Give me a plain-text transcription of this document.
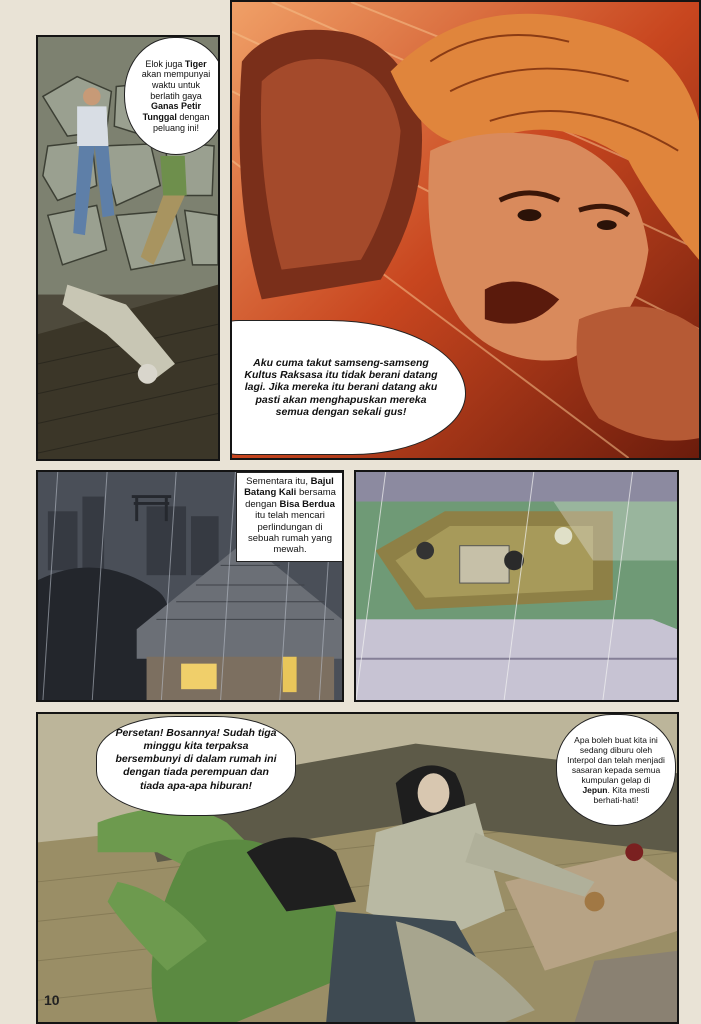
Elok juga Tiger akan mempunyai waktu untuk berlatih gaya Ganas Petir Tunggal dengan peluang ini!
Aku cuma takut samseng-samseng Kultus Raksasa itu tidak berani datang lagi. Jika mereka itu berani datang aku pasti akan menghapuskan mereka semua dengan sekali gus!
Sementara itu, Bajul Batang Kali bersama dengan Bisa Berdua itu telah mencari perlindungan di sebuah rumah yang mewah.
Persetan! Bosannya! Sudah tiga minggu kita terpaksa bersembunyi di dalam rumah ini dengan tiada perempuan dan tiada apa-apa hiburan!
Apa boleh buat kita ini sedang diburu oleh Interpol dan telah menjadi sasaran kepada semua kumpulan gelap di Jepun. Kita mesti berhati-hati!
10
